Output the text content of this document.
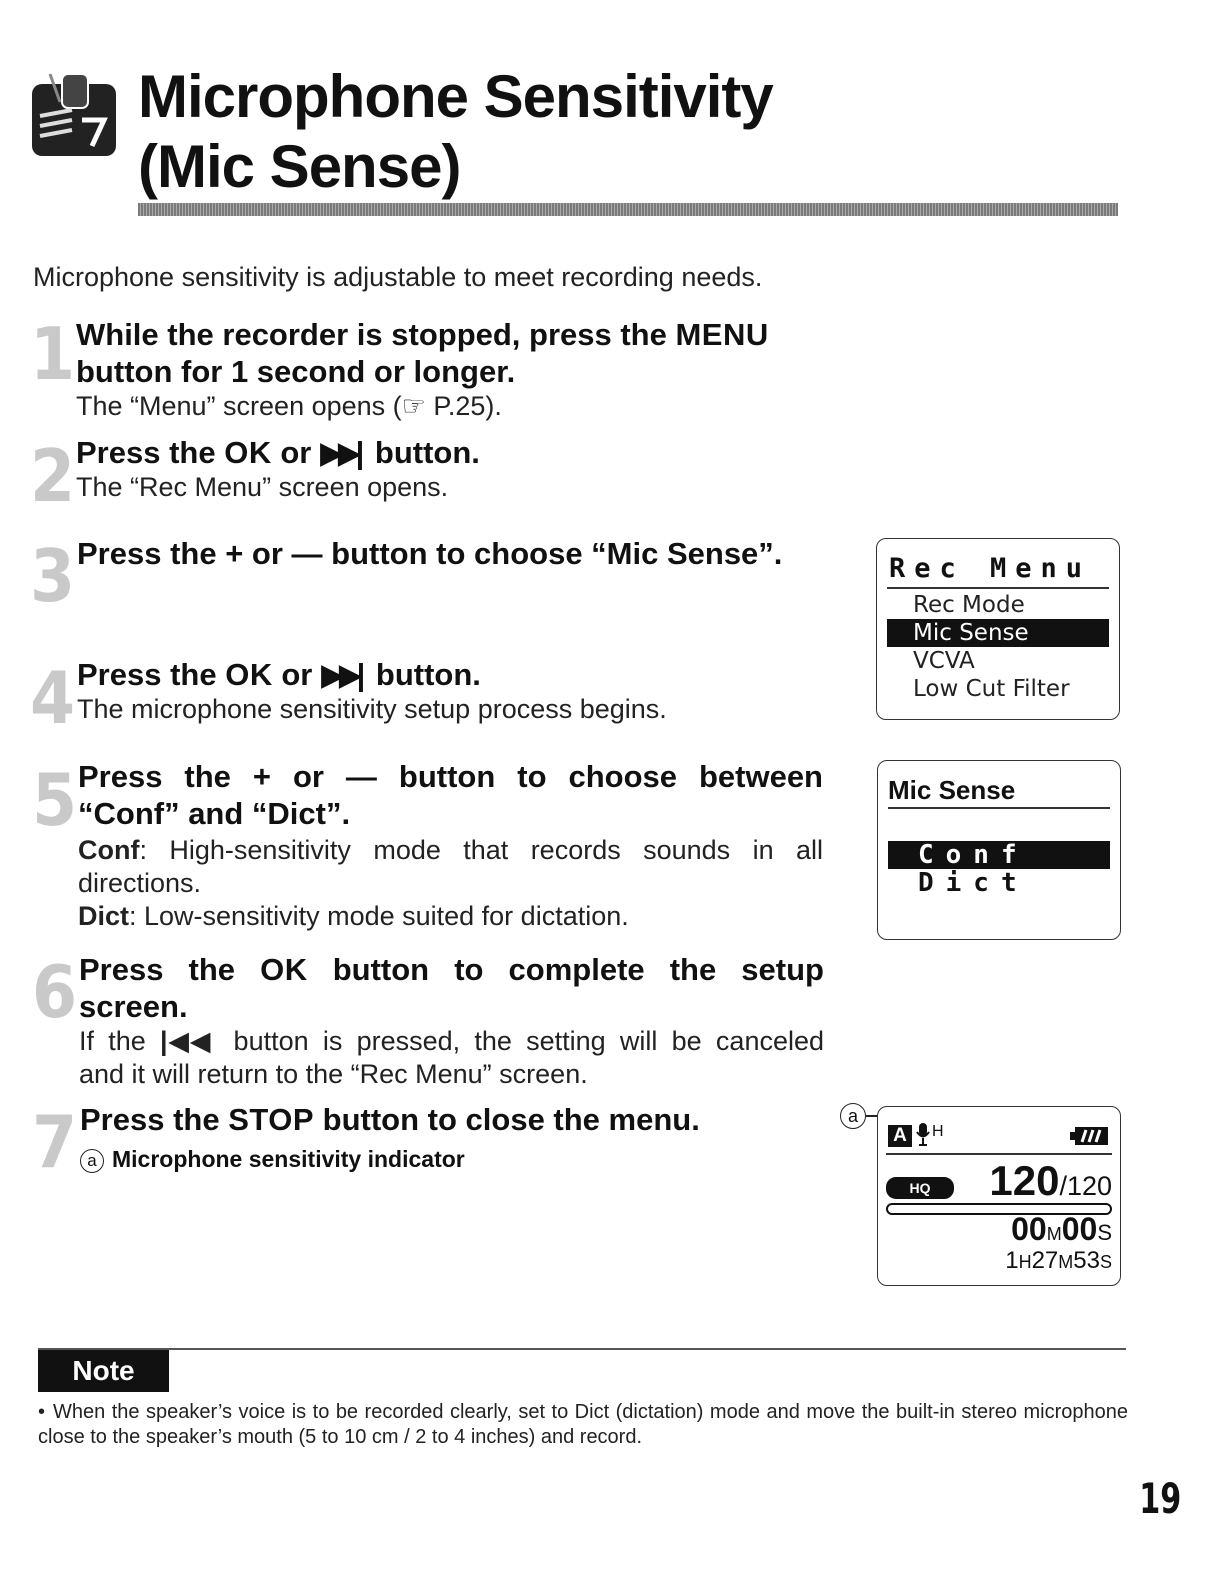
Microphone Sensitivity
(Mic Sense)
Microphone sensitivity is adjustable to meet recording needs.
1 While the recorder is stopped, press the MENU
button for 1 second or longer.
The “Menu” screen opens (☞ P.25).
2 Press the OK or ▶▶| button.
The “Rec Menu” screen opens.
3 Press the + or — button to choose “Mic Sense”.
4 Press the OK or ▶▶| button.
The microphone sensitivity setup process begins.
5 Press the + or — button to choose between
“Conf” and “Dict”.
Conf: High-sensitivity mode that records sounds in all
directions.
Dict: Low-sensitivity mode suited for dictation.
6 Press the OK button to complete the setup
screen.
If the |◀◀ button is pressed, the setting will be canceled
and it will return to the “Rec Menu” screen.
7 Press the STOP button to close the menu.
a Microphone sensitivity indicator
Rec Menu
Rec Mode
Mic Sense
VCVA
Low Cut Filter
Mic Sense
Conf
Dict
a
A	H
HQ	120/120
00M00S
1H27M53S
Note
• When the speaker’s voice is to be recorded clearly, set to Dict (dictation) mode and move the built-in stereo microphone close to the speaker’s mouth (5 to 10 cm / 2 to 4 inches) and record.
19
